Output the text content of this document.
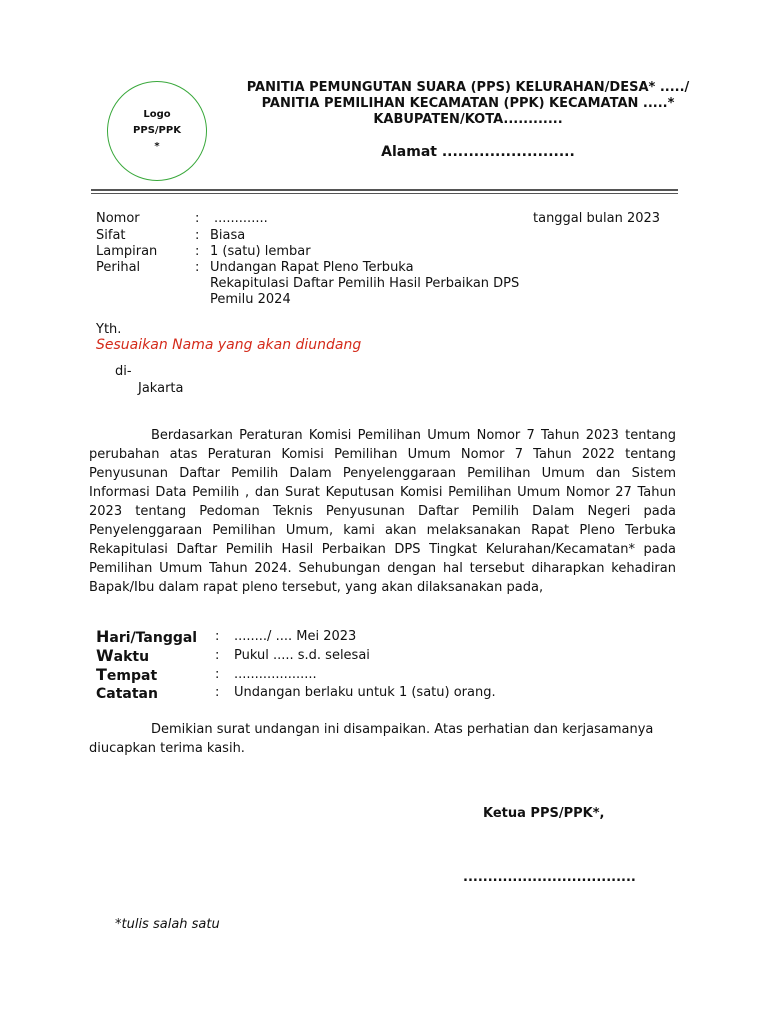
Logo
PPS/PPK
*
PANITIA PEMUNGUTAN SUARA (PPS) KELURAHAN/DESA* ...../
PANITIA PEMILIHAN KECAMATAN (PPK) KECAMATAN .....*
KABUPATEN/KOTA............
Alamat .........................
tanggal bulan 2023
Nomor	: .............
Sifat	: Biasa
Lampiran	: 1 (satu) lembar
Perihal	: Undangan Rapat Pleno Terbuka
Rekapitulasi Daftar Pemilih Hasil Perbaikan DPS
Pemilu 2024
Yth.
Sesuaikan Nama yang akan diundang
di-
Jakarta
Berdasarkan Peraturan Komisi Pemilihan Umum Nomor 7 Tahun 2023 tentang perubahan atas Peraturan Komisi Pemilihan Umum Nomor 7 Tahun 2022 tentang Penyusunan Daftar Pemilih Dalam Penyelenggaraan Pemilihan Umum dan Sistem Informasi Data Pemilih , dan Surat Keputusan Komisi Pemilihan Umum Nomor 27 Tahun 2023 tentang Pedoman Teknis Penyusunan Daftar Pemilih Dalam Negeri pada Penyelenggaraan Pemilihan Umum, kami akan melaksanakan Rapat Pleno Terbuka Rekapitulasi Daftar Pemilih Hasil Perbaikan DPS Tingkat Kelurahan/Kecamatan* pada Pemilihan Umum Tahun 2024. Sehubungan dengan hal tersebut diharapkan kehadiran Bapak/Ibu dalam rapat pleno tersebut, yang akan dilaksanakan pada,
Hari/Tanggal : ......../ .... Mei 2023
Waktu	: Pukul ..... s.d. selesai
Tempat	: ....................
Catatan	: Undangan berlaku untuk 1 (satu) orang.
Demikian surat undangan ini disampaikan. Atas perhatian dan kerjasamanya diucapkan terima kasih.
Ketua PPS/PPK*,
...................................
*tulis salah satu
